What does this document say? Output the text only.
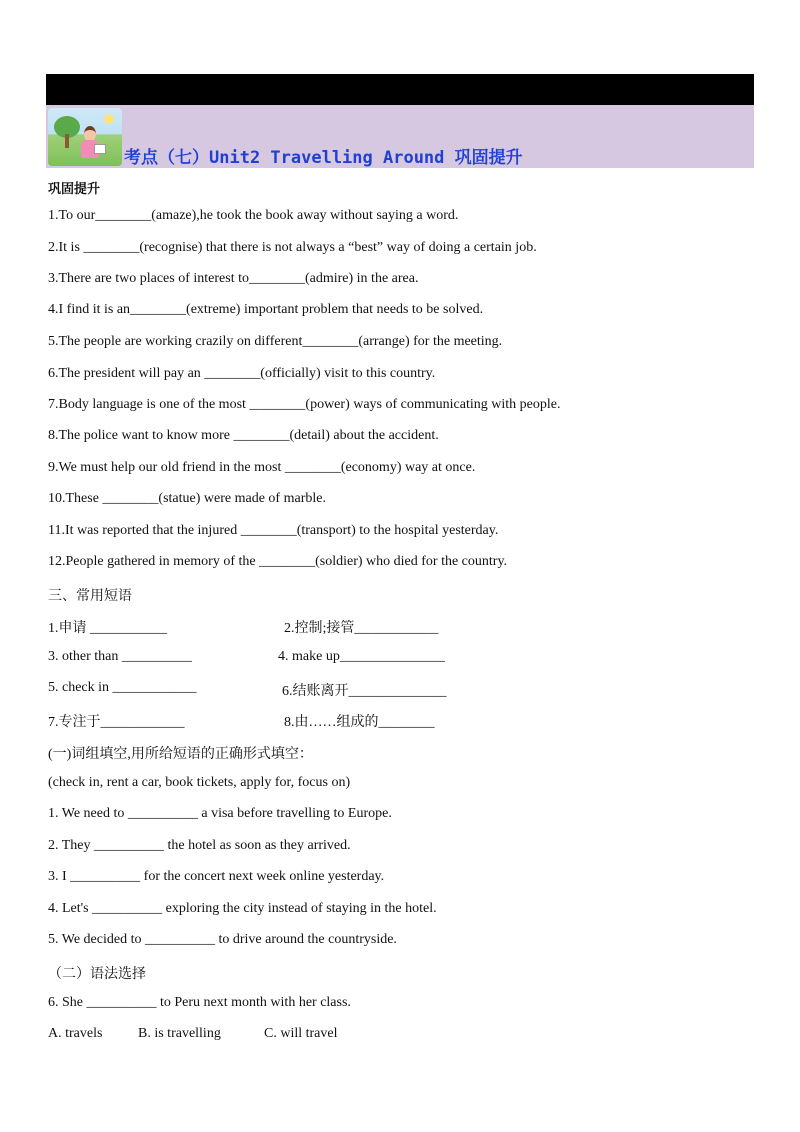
考点（七）Unit2 Travelling Around 巩固提升
巩固提升
1.To our________(amaze),he took the book away without saying a word.
2.It is ________(recognise) that there is not always a “best” way of doing a certain job.
3.There are two places of interest to________(admire) in the area.
4.I find it is an________(extreme) important problem that needs to be solved.
5.The people are working crazily on different________(arrange) for the meeting.
6.The president will pay an ________(officially) visit to this country.
7.Body language is one of the most ________(power) ways of communicating with people.
8.The police want to know more ________(detail) about the accident.
9.We must help our old friend in the most ________(economy) way at once.
10.These ________(statue) were made of marble.
11.It was reported that the injured ________(transport) to the hospital yesterday.
12.People gathered in memory of the ________(soldier) who died for the country.
三、常用短语
1.申请 ___________	2.控制;接管____________
3. other than __________	4. make up_______________
5. check in ____________	6.结账离开______________
7.专注于____________	8.由……组成的________
(一)词组填空,用所给短语的正确形式填空：
(check in, rent a car, book tickets, apply for, focus on)
1. We need to __________ a visa before travelling to Europe.
2. They __________ the hotel as soon as they arrived.
3. I __________ for the concert next week online yesterday.
4. Let's __________ exploring the city instead of staying in the hotel.
5. We decided to __________ to drive around the countryside.
（二）语法选择
6. She __________ to Peru next month with her class.
A. travels	B. is travelling	C. will travel
